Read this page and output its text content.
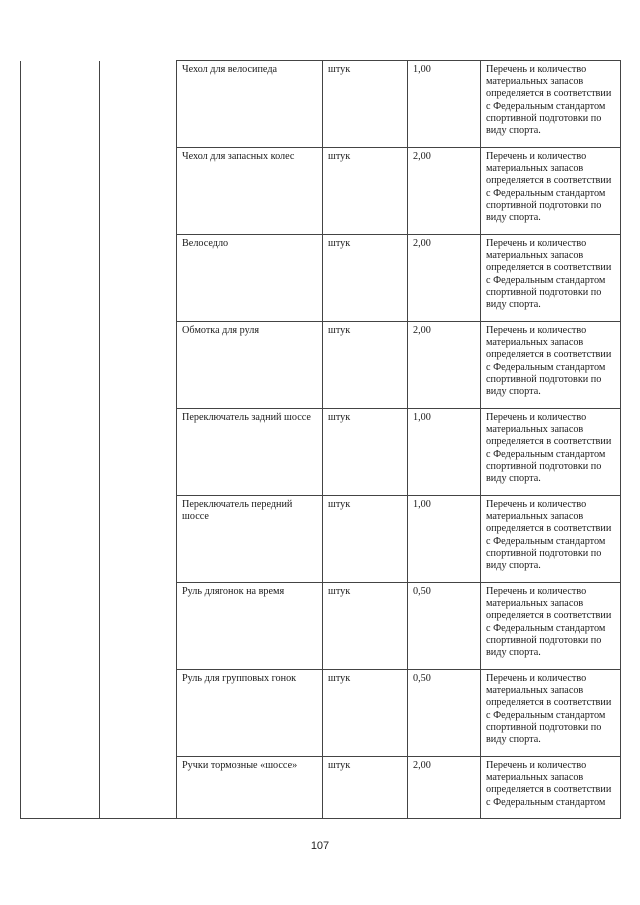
		Чехол для велосипеда	штук	1,00	Перечень и количество материальных запасов определяется в соответствии с Федеральным стандартом спортивной подготовки по виду спорта.

		Чехол для запасных колес	штук	2,00	Перечень и количество материальных запасов определяется в соответствии с Федеральным стандартом спортивной подготовки по виду спорта.

		Велоседло	штук	2,00	Перечень и количество материальных запасов определяется в соответствии с Федеральным стандартом спортивной подготовки по виду спорта.

		Обмотка для руля	штук	2,00	Перечень и количество материальных запасов определяется в соответствии с Федеральным стандартом спортивной подготовки по виду спорта.

		Переключатель задний шоссе	штук	1,00	Перечень и количество материальных запасов определяется в соответствии с Федеральным стандартом спортивной подготовки по виду спорта.

		Переключатель передний шоссе	штук	1,00	Перечень и количество материальных запасов определяется в соответствии с Федеральным стандартом спортивной подготовки по виду спорта.

		Руль дляrонок на время	штук	0,50	Перечень и количество материальных запасов определяется в соответствии с Федеральным стандартом спортивной подготовки по виду спорта.

		Руль для групповых гонок	штук	0,50	Перечень и количество материальных запасов определяется в соответствии с Федеральным стандартом спортивной подготовки по виду спорта.

		Ручки тормозные «шоссе»	штук	2,00	Перечень и количество материальных запасов определяется в соответствии с Федеральным стандартом
107
